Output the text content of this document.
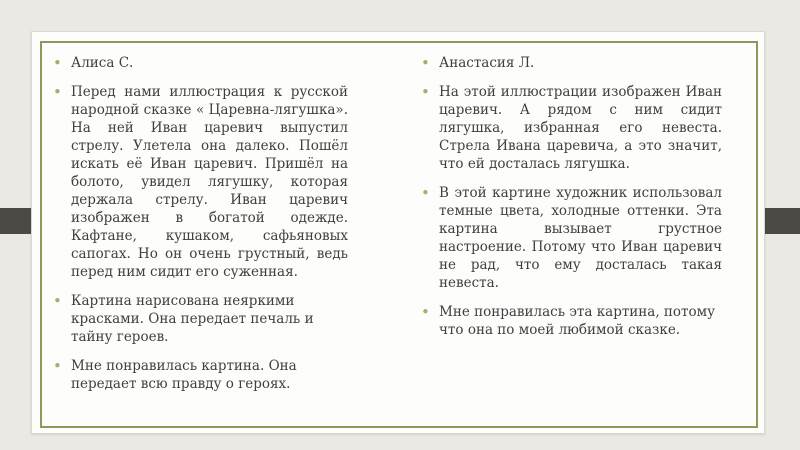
• Алиса С.
• Перед нами иллюстрация к русской народной сказке « Царевна-лягушка». На ней Иван царевич выпустил стрелу. Улетела она далеко. Пошёл искать её Иван царевич. Пришёл на болото, увидел лягушку, которая держала стрелу. Иван царевич изображен в богатой одежде. Кафтане, кушаком, сафьяновых сапогах. Но он очень грустный, ведь перед ним сидит его суженная.
• Картина нарисована неяркими красками. Она передает печаль и тайну героев.
• Мне понравилась картина. Она передает всю правду о героях.
• Анастасия Л.
• На этой иллюстрации изображен Иван царевич. А рядом с ним сидит лягушка, избранная его невеста. Стрела Ивана царевича, а это значит, что ей досталась лягушка.
• В этой картине художник использовал темные цвета, холодные оттенки. Эта картина вызывает грустное настроение. Потому что Иван царевич не рад, что ему досталась такая невеста.
• Мне понравилась эта картина, потому что она по моей любимой сказке.
